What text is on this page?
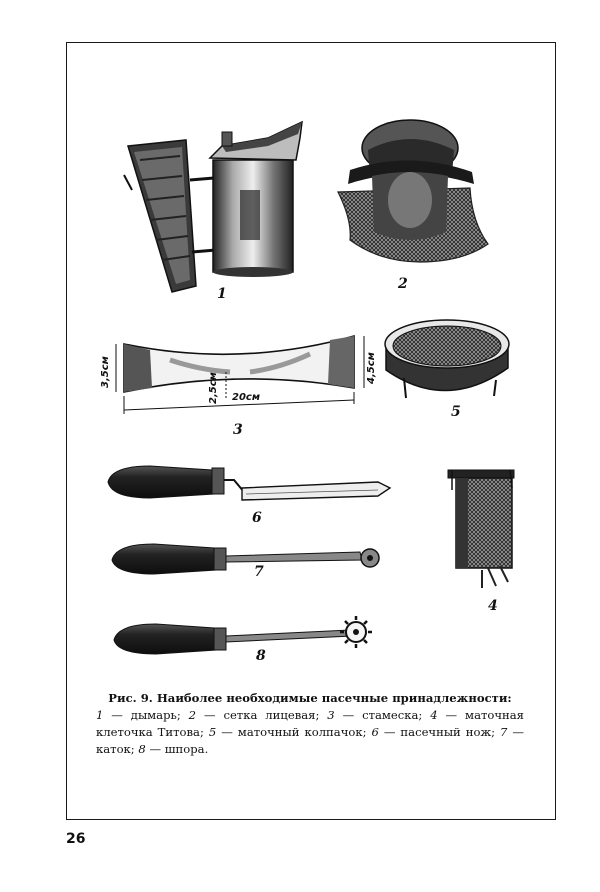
1
2
3
5
6
4
7
8
3,5см	4,5см
2,5см 20см
Рис. 9. Наиболее необходимые пасечные принадлежности:
1 — дымарь; 2 — сетка лицевая; 3 — стамеска; 4 — маточная клеточка Титова; 5 — маточный колпачок; 6 — пасечный нож; 7 — каток; 8 — шпора.
26
